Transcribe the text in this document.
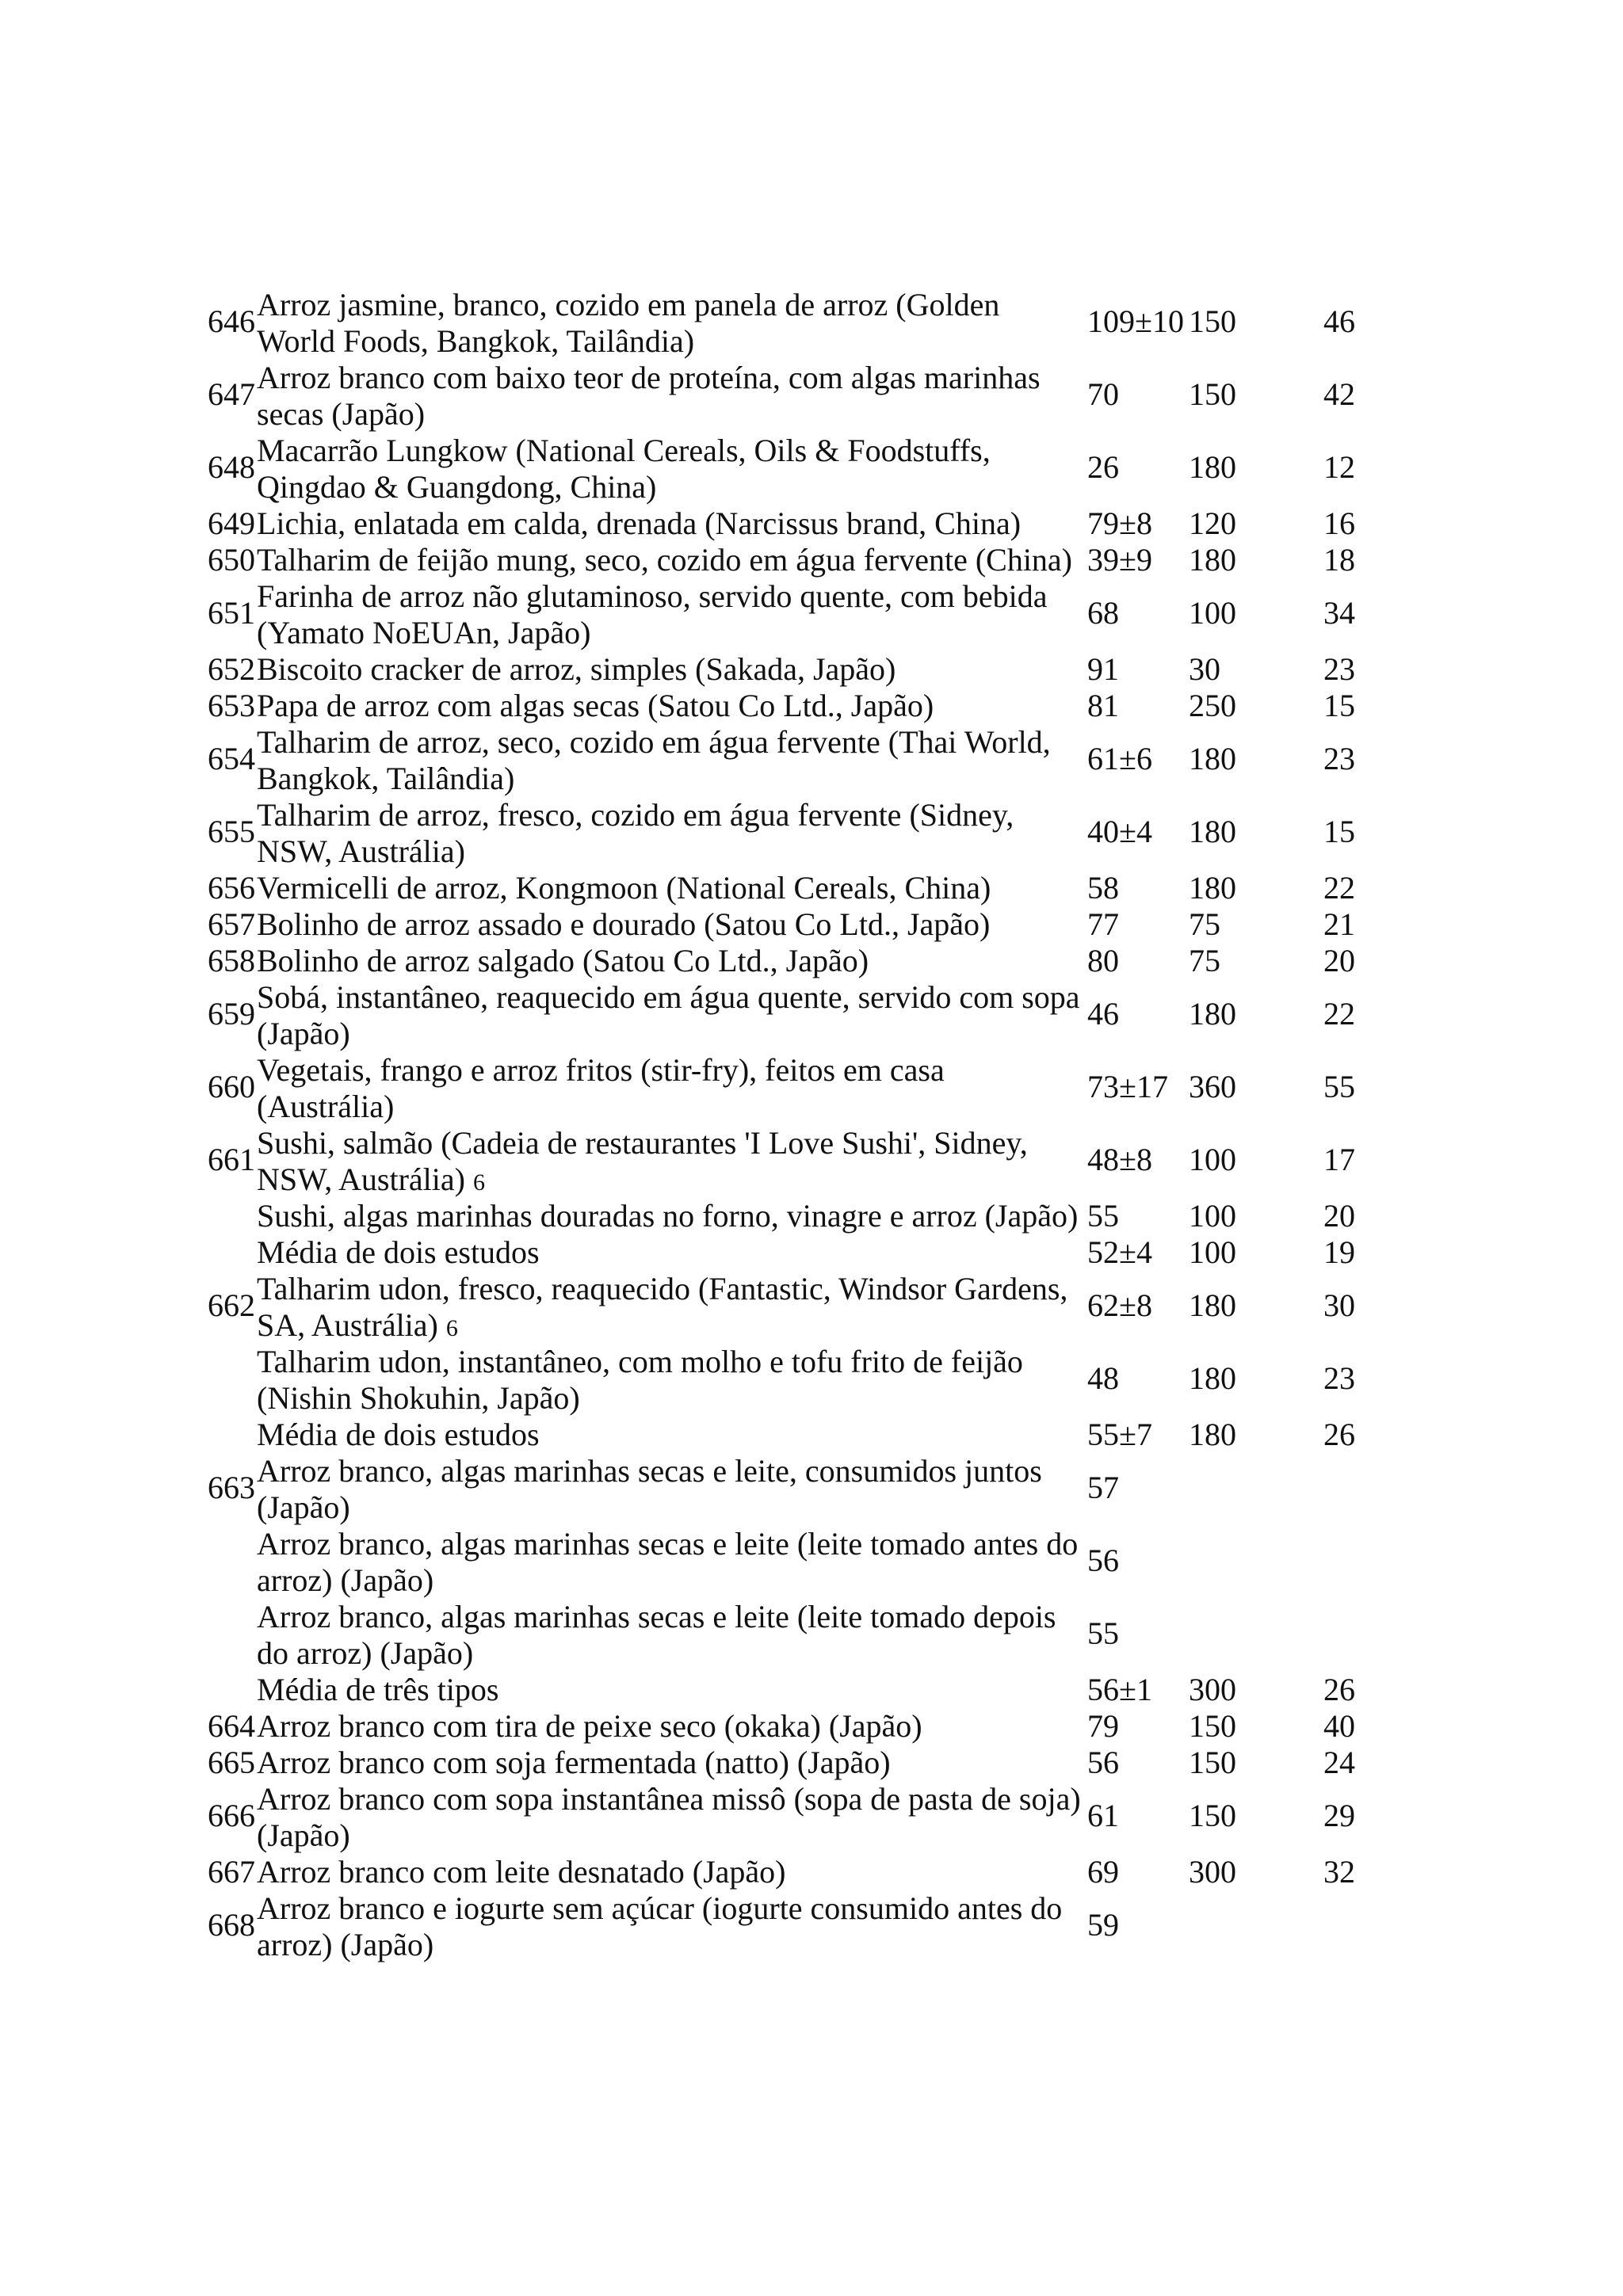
646 Arroz jasmine, branco, cozido em panela de arroz (Golden
World Foods, Bangkok, Tailândia)
109±10 150	46
647 Arroz branco com baixo teor de proteína, com algas marinhas
secas (Japão)
70 150	42
648 Macarrão Lungkow (National Cereals, Oils & Foodstuffs,
Qingdao & Guangdong, China)
26 180	12
649 Lichia, enlatada em calda, drenada (Narcissus brand, China)	79±8 120	16
650 Talharim de feijão mung, seco, cozido em água fervente (China) 39±9 180	18
651 Farinha de arroz não glutaminoso, servido quente, com bebida
(Yamato NoEUAn, Japão)
68 100	34
652 Biscoito cracker de arroz, simples (Sakada, Japão)	91 30	23
653 Papa de arroz com algas secas (Satou Co Ltd., Japão)	81 250	15
654 Talharim de arroz, seco, cozido em água fervente (Thai World,
Bangkok, Tailândia)
61±6 180	23
655 Talharim de arroz, fresco, cozido em água fervente (Sidney,
NSW, Austrália)
40±4 180	15
656 Vermicelli de arroz, Kongmoon (National Cereals, China)	58 180	22
657 Bolinho de arroz assado e dourado (Satou Co Ltd., Japão)	77 75	21
658 Bolinho de arroz salgado (Satou Co Ltd., Japão)	80 75	20
659 Sobá, instantâneo, reaquecido em água quente, servido com sopa
(Japão)
46 180	22
660 Vegetais, frango e arroz fritos (stir-fry), feitos em casa
(Austrália)
73±17 360	55
661 Sushi, salmão (Cadeia de restaurantes 'I Love Sushi', Sidney,
NSW, Austrália) 6
48±8 100	17
Sushi, algas marinhas douradas no forno, vinagre e arroz (Japão) 55 100	20
Média de dois estudos	52±4 100	19
662 Talharim udon, fresco, reaquecido (Fantastic, Windsor Gardens,
SA, Austrália) 6
62±8 180	30
Talharim udon, instantâneo, com molho e tofu frito de feijão
(Nishin Shokuhin, Japão)
48 180	23
Média de dois estudos	55±7 180	26
663 Arroz branco, algas marinhas secas e leite, consumidos juntos
(Japão)
57
Arroz branco, algas marinhas secas e leite (leite tomado antes do
arroz) (Japão)
56
Arroz branco, algas marinhas secas e leite (leite tomado depois
do arroz) (Japão)
55
Média de três tipos	56±1 300	26
664 Arroz branco com tira de peixe seco (okaka) (Japão)	79 150	40
665 Arroz branco com soja fermentada (natto) (Japão)	56 150	24
666 Arroz branco com sopa instantânea missô (sopa de pasta de soja)
(Japão)
61 150	29
667 Arroz branco com leite desnatado (Japão)	69 300	32
668 Arroz branco e iogurte sem açúcar (iogurte consumido antes do
arroz) (Japão)
59
